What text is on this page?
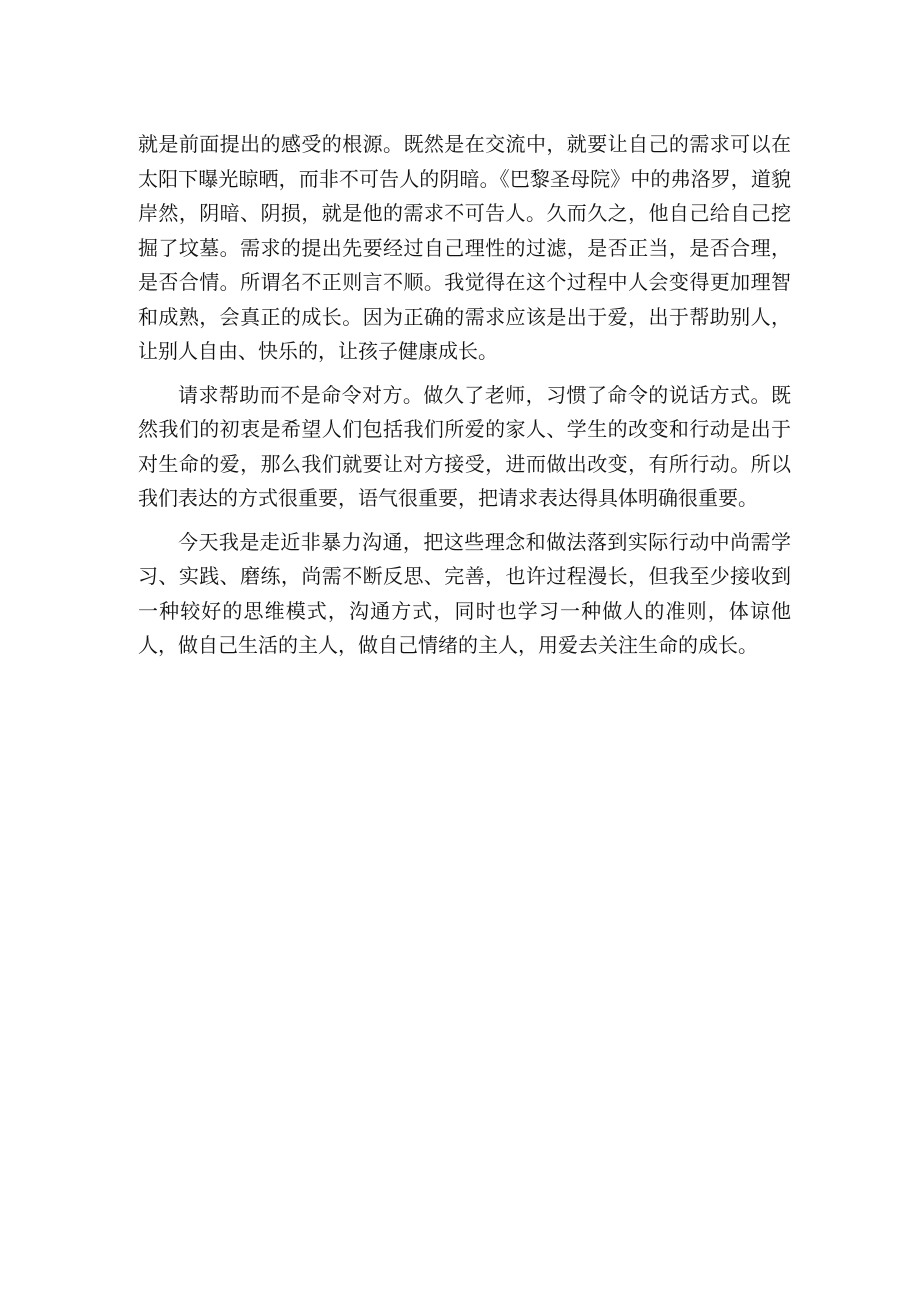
就是前面提出的感受的根源。既然是在交流中，就要让自己的需求可以在太阳下曝光晾晒，而非不可告人的阴暗。《巴黎圣母院》中的弗洛罗，道貌岸然，阴暗、阴损，就是他的需求不可告人。久而久之，他自己给自己挖掘了坟墓。需求的提出先要经过自己理性的过滤，是否正当，是否合理，是否合情。所谓名不正则言不顺。我觉得在这个过程中人会变得更加理智和成熟，会真正的成长。因为正确的需求应该是出于爱，出于帮助别人，让别人自由、快乐的，让孩子健康成长。

请求帮助而不是命令对方。做久了老师，习惯了命令的说话方式。既然我们的初衷是希望人们包括我们所爱的家人、学生的改变和行动是出于对生命的爱，那么我们就要让对方接受，进而做出改变，有所行动。所以我们表达的方式很重要，语气很重要，把请求表达得具体明确很重要。

今天我是走近非暴力沟通，把这些理念和做法落到实际行动中尚需学习、实践、磨练，尚需不断反思、完善，也许过程漫长，但我至少接收到一种较好的思维模式，沟通方式，同时也学习一种做人的准则，体谅他人，做自己生活的主人，做自己情绪的主人，用爱去关注生命的成长。
